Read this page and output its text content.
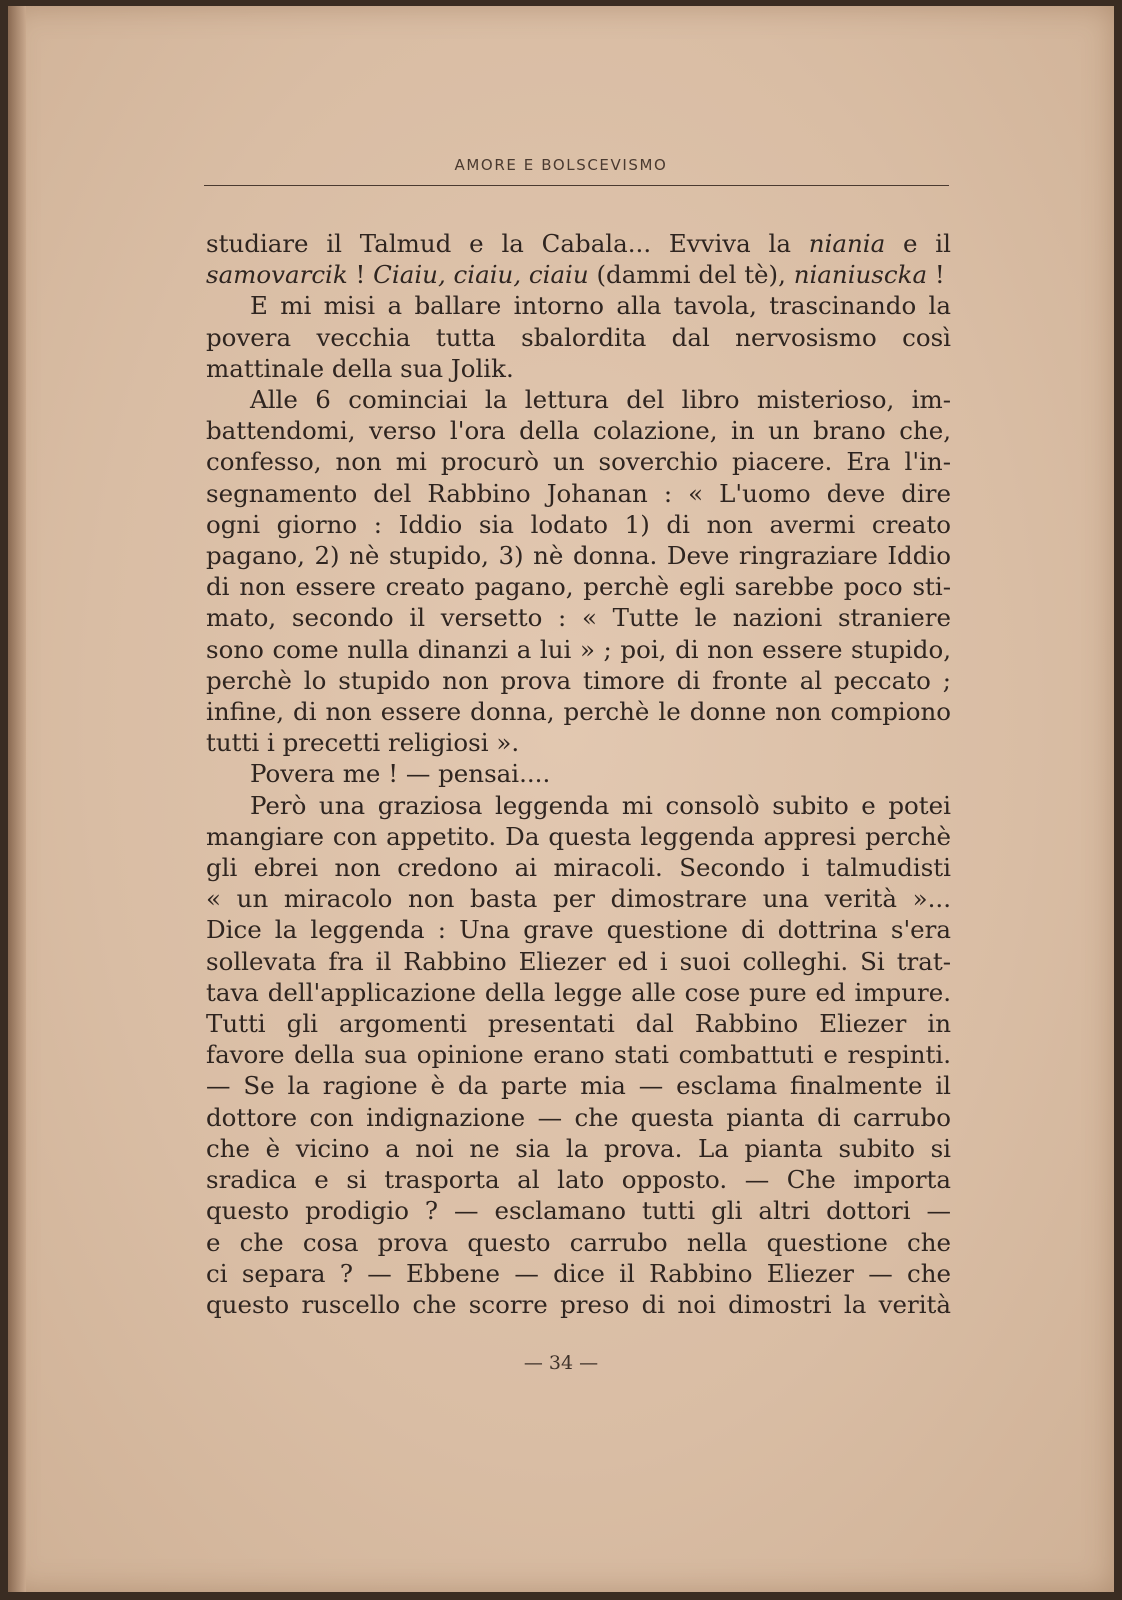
AMORE E BOLSCEVISMO
studiare il Talmud e la Cabala... Evviva la niania e il
samovarcik ! Ciaiu, ciaiu, ciaiu (dammi del tè), nianiuscka !
E mi misi a ballare intorno alla tavola, trascinando la
povera vecchia tutta sbalordita dal nervosismo così
mattinale della sua Jolik.
Alle 6 cominciai la lettura del libro misterioso, im-
battendomi, verso l'ora della colazione, in un brano che,
confesso, non mi procurò un soverchio piacere. Era l'in-
segnamento del Rabbino Johanan : « L'uomo deve dire
ogni giorno : Iddio sia lodato 1) di non avermi creato
pagano, 2) nè stupido, 3) nè donna. Deve ringraziare Iddio
di non essere creato pagano, perchè egli sarebbe poco sti-
mato, secondo il versetto : « Tutte le nazioni straniere
sono come nulla dinanzi a lui » ; poi, di non essere stupido,
perchè lo stupido non prova timore di fronte al peccato ;
infine, di non essere donna, perchè le donne non compiono
tutti i precetti religiosi ».
Povera me ! — pensai....
Però una graziosa leggenda mi consolò subito e potei
mangiare con appetito. Da questa leggenda appresi perchè
gli ebrei non credono ai miracoli. Secondo i talmudisti
« un miracolo non basta per dimostrare una verità »...
Dice la leggenda : Una grave questione di dottrina s'era
sollevata fra il Rabbino Eliezer ed i suoi colleghi. Si trat-
tava dell'applicazione della legge alle cose pure ed impure.
Tutti gli argomenti presentati dal Rabbino Eliezer in
favore della sua opinione erano stati combattuti e respinti.
— Se la ragione è da parte mia — esclama finalmente il
dottore con indignazione — che questa pianta di carrubo
che è vicino a noi ne sia la prova. La pianta subito si
sradica e si trasporta al lato opposto. — Che importa
questo prodigio ? — esclamano tutti gli altri dottori —
e che cosa prova questo carrubo nella questione che
ci separa ? — Ebbene — dice il Rabbino Eliezer — che
questo ruscello che scorre preso di noi dimostri la verità
— 34 —
